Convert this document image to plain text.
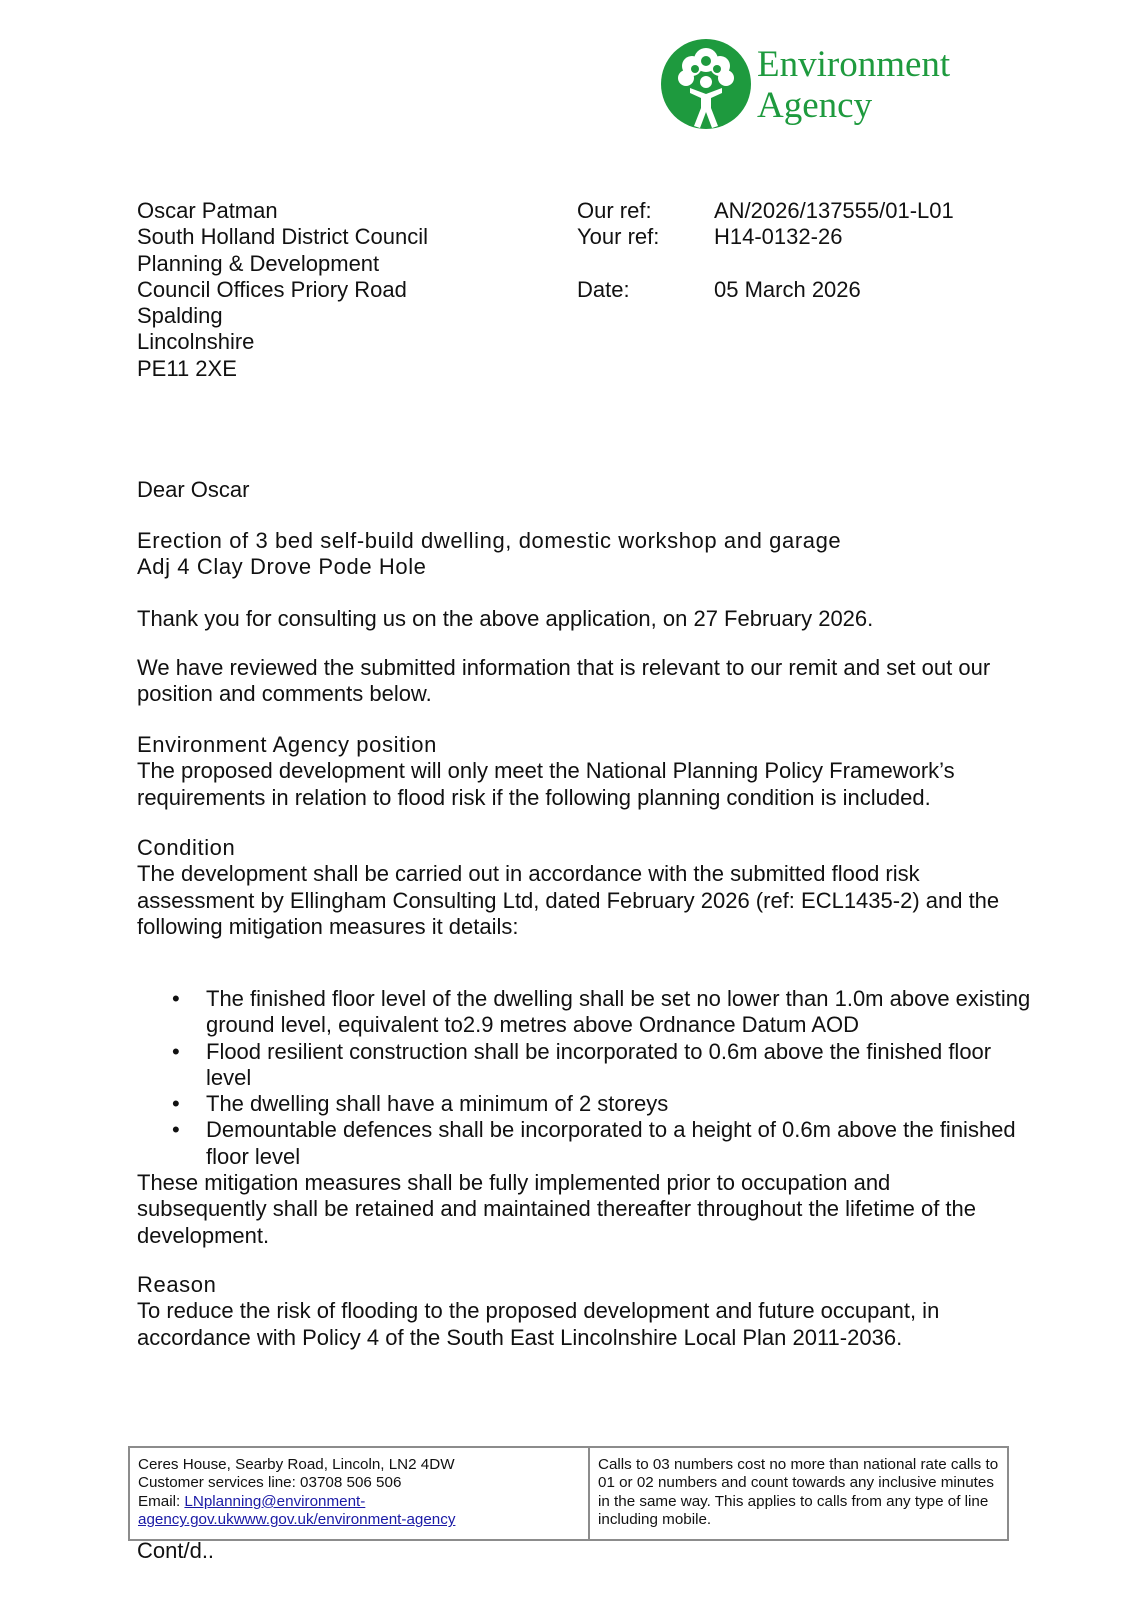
Environment
Agency
Oscar Patman
South Holland District Council
Planning & Development
Council Offices Priory Road
Spalding
Lincolnshire
PE11 2XE
Our ref:	AN/2026/137555/01-L01
Your ref:	H14-0132-26
Date:	05 March 2026

Dear Oscar

Erection of 3 bed self-build dwelling, domestic workshop and garage

Adj 4 Clay Drove Pode Hole

Thank you for consulting us on the above application, on 27 February 2026.

We have reviewed the submitted information that is relevant to our remit and set out our position and comments below.

Environment Agency position

The proposed development will only meet the National Planning Policy Framework’s requirements in relation to flood risk if the following planning condition is included.

Condition

The development shall be carried out in accordance with the submitted flood risk assessment by Ellingham Consulting Ltd, dated February 2026 (ref: ECL1435-2) and the following mitigation measures it details:

• The finished floor level of the dwelling shall be set no lower than 1.0m above existing ground level, equivalent to2.9 metres above Ordnance Datum AOD
• Flood resilient construction shall be incorporated to 0.6m above the finished floor level
• The dwelling shall have a minimum of 2 storeys
• Demountable defences shall be incorporated to a height of 0.6m above the finished floor level

These mitigation measures shall be fully implemented prior to occupation and subsequently shall be retained and maintained thereafter throughout the lifetime of the development.

Reason

To reduce the risk of flooding to the proposed development and future occupant, in accordance with Policy 4 of the South East Lincolnshire Local Plan 2011-2036.

Ceres House, Searby Road, Lincoln, LN2 4DW
Customer services line: 03708 506 506
Email: LNplanning@environment-agency.gov.ukwww.gov.uk/environment-agency
Calls to 03 numbers cost no more than national rate calls to 01 or 02 numbers and count towards any inclusive minutes in the same way. This applies to calls from any type of line including mobile.
Cont/d..
